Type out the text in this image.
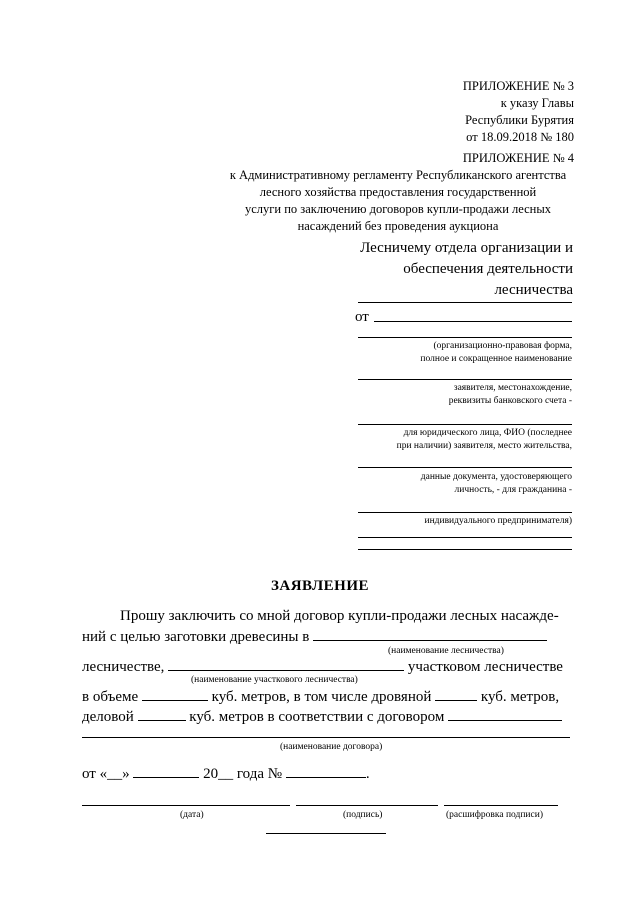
ПРИЛОЖЕНИЕ № 3
к указу Главы
Республики Бурятия
от 18.09.2018 № 180
ПРИЛОЖЕНИЕ № 4
к Административному регламенту Республиканского агентства
лесного хозяйства предоставления государственной
услуги по заключению договоров купли-продажи лесных
насаждений без проведения аукциона
Лесничему отдела организации и
обеспечения деятельности
лесничества
от
(организационно-правовая форма,
полное и сокращенное наименование
заявителя, местонахождение,
реквизиты банковского счета -
для юридического лица, ФИО (последнее
при наличии) заявителя, место жительства,
данные документа, удостоверяющего
личность, - для гражданина -
индивидуального предпринимателя)
ЗАЯВЛЕНИЕ
Прошу заключить со мной договор купли-продажи лесных насажде-
ний с целью заготовки древесины в
(наименование лесничества)
лесничестве,	участковом лесничестве
(наименование участкового лесничества)
в объеме	куб. метров, в том числе дровяной	куб. метров,
деловой	куб. метров в соответствии с договором
(наименование договора)
от «__»	20__ года №	.
(дата)	(подпись)	(расшифровка подписи)
